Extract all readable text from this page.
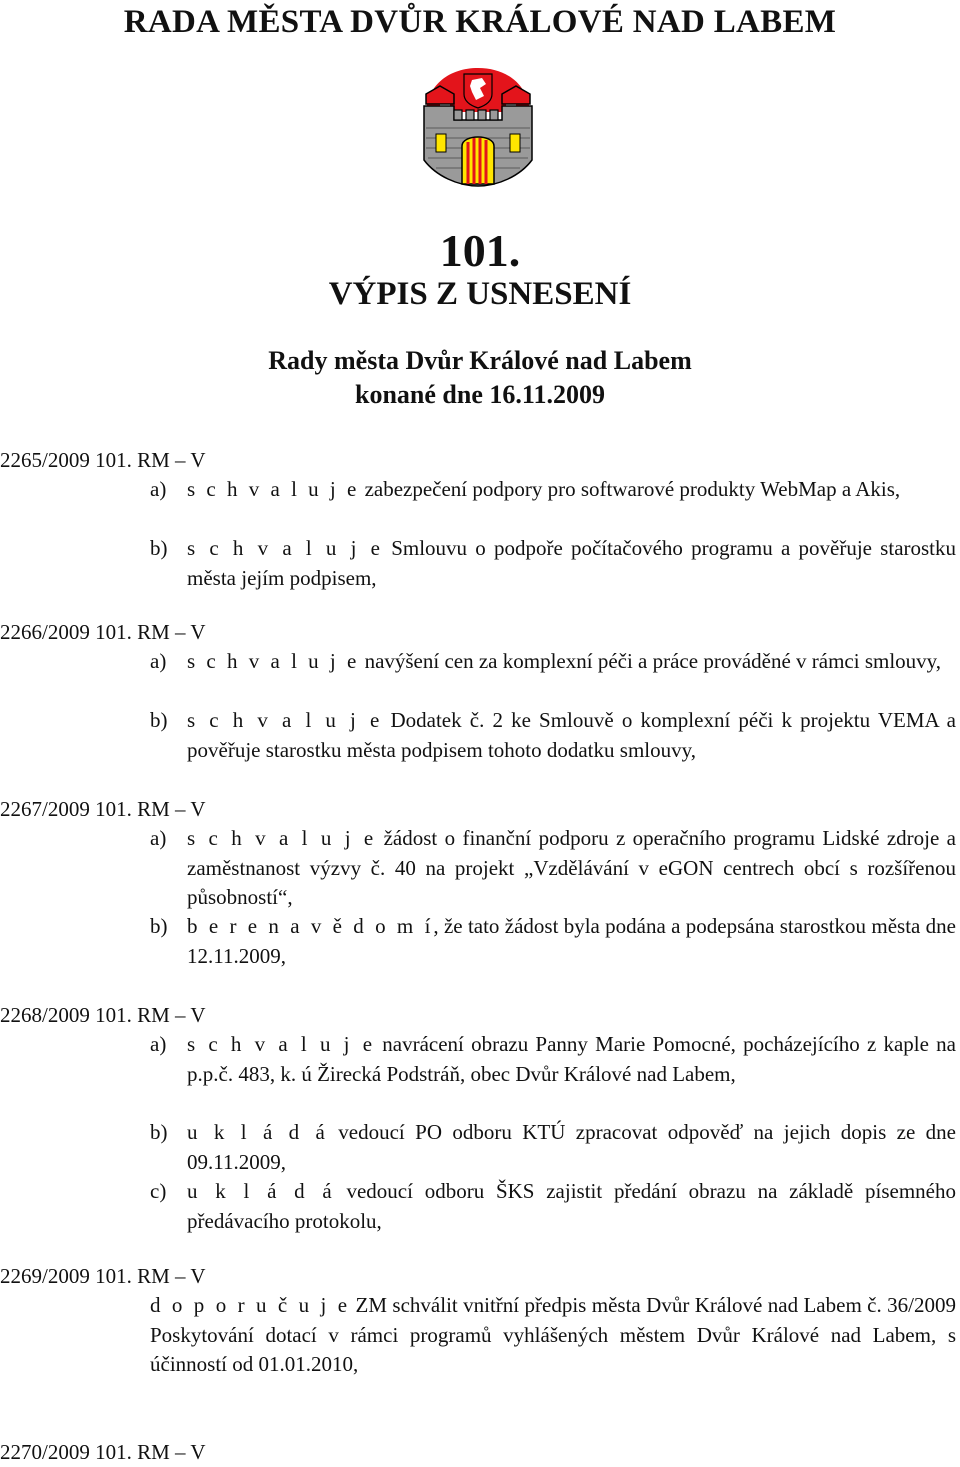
RADA MĚSTA DVŮR KRÁLOVÉ NAD LABEM
101.
VÝPIS Z USNESENÍ
Rady města Dvůr Králové nad Labem
konané dne 16.11.2009
2265/2009 101. RM – V
a) s c h v a l u j e zabezpečení podpory pro softwarové produkty WebMap a Akis,
b) s c h v a l u j e Smlouvu o podpoře počítačového programu a pověřuje starostku města jejím podpisem,
2266/2009 101. RM – V
a) s c h v a l u j e navýšení cen za komplexní péči a práce prováděné v rámci smlouvy,
b) s c h v a l u j e Dodatek č. 2 ke Smlouvě o komplexní péči k projektu VEMA a pověřuje starostku města podpisem tohoto dodatku smlouvy,
2267/2009 101. RM – V
a) s c h v a l u j e žádost o finanční podporu z operačního programu Lidské zdroje a zaměstnanost výzvy č. 40 na projekt „Vzdělávání v eGON centrech obcí s rozšířenou působností“,
b) b e r e n a v ě d o m í, že tato žádost byla podána a podepsána starostkou města dne 12.11.2009,
2268/2009 101. RM – V
a) s c h v a l u j e navrácení obrazu Panny Marie Pomocné, pocházejícího z kaple na p.p.č. 483, k. ú Žirecká Podstráň, obec Dvůr Králové nad Labem,
b) u k l á d á vedoucí PO odboru KTÚ zpracovat odpověď na jejich dopis ze dne 09.11.2009,
c) u k l á d á vedoucí odboru ŠKS zajistit předání obrazu na základě písemného předávacího protokolu,
2269/2009 101. RM – V
d o p o r u č u j e ZM schválit vnitřní předpis města Dvůr Králové nad Labem č. 36/2009 Poskytování dotací v rámci programů vyhlášených městem Dvůr Králové nad Labem, s účinností od 01.01.2010,
2270/2009 101. RM – V
